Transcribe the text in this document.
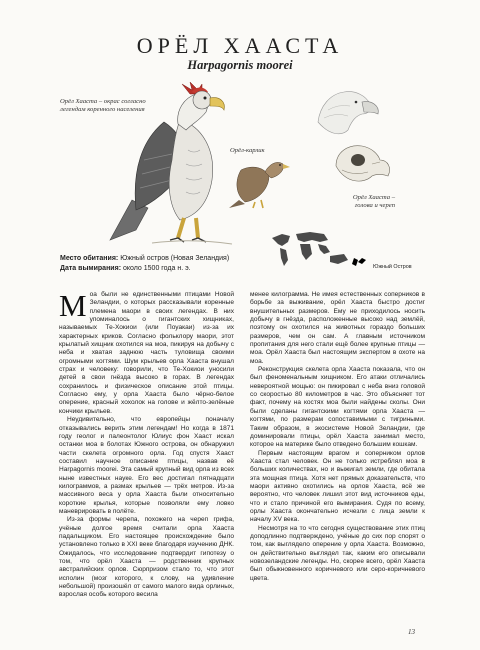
ОРЁЛ ХААСТА
Harpagornis moorei
Орёл Хааста – окрас согласно легендам коренного населения
Орёл-карлик
Орёл Хааста – голова и череп
Место обитания: Южный остров (Новая Зеландия)
Дата вымирания: около 1500 года н. э.	Южный Остров

Моа были не единственными птицами Новой Зеландии, о которых рассказывали коренные племена маори в своих легендах. В них упоминалось о гигантских хищниках, называемых Те-Хокиои (или Поуакаи) из-за их характерных криков. Согласно фольклору маори, этот крылатый хищник охотился на моа, пикируя на добычу с неба и хватая заднюю часть туловища своими огромными когтями. Шум крыльев орла Хааста внушал страх и человеку: говорили, что Те-Хокиои уносили детей в свои гнёзда высоко в горах. В легендах сохранилось и физическое описание этой птицы. Согласно ему, у орла Хааста было чёрно-белое оперение, красный хохолок на голове и жёлто-зелёные кончики крыльев.

Неудивительно, что европейцы поначалу отказывались верить этим легендам! Но когда в 1871 году геолог и палеонтолог Юлиус фон Хааст искал останки моа в болотах Южного острова, он обнаружил части скелета огромного орла. Год спустя Хааст составил научное описание птицы, назвав её Harpagornis moorei. Эта самый крупный вид орла из всех ныне известных науке. Его вес достигал пятнадцати килограммов, а размах крыльев — трёх метров. Из-за массивного веса у орла Хааста были относительно короткие крылья, которые позволяли ему ловко маневрировать в полёте.

Из-за формы черепа, похожего на череп грифа, учёные долгое время считали орла Хааста падальщиком. Его настоящее происхождение было установлено только в XXI веке благодаря изучению ДНК. Ожидалось, что исследование подтвердит гипотезу о том, что орёл Хааста — родственник крупных австралийских орлов. Сюрпризом стало то, что этот исполин (мозг которого, к слову, на удивление небольшой) произошёл от самого малого вида орлиных, взрослая особь которого весила

менее килограмма. Не имея естественных соперников в борьбе за выживание, орёл Хааста быстро достиг внушительных размеров. Ему не приходилось носить добычу в гнёзда, расположенные высоко над землёй, поэтому он охотился на животных гораздо больших размеров, чем он сам. А главным источником пропитания для него стали ещё более крупные птицы — моа. Орёл Хааста был настоящим экспертом в охоте на моа.

Реконструкция скелета орла Хааста показала, что он был феноменальным хищником. Его атаки отличались невероятной мощью: он пикировал с неба вниз головой со скоростью 80 километров в час. Это объясняет тот факт, почему на костях моа были найдены сколы. Они были сделаны гигантскими когтями орла Хааста — когтями, по размерам сопоставимыми с тигриными. Таким образом, в экосистеме Новой Зеландии, где доминировали птицы, орёл Хааста занимал место, которое на материке было отведено большим кошкам.

Первым настоящим врагом и соперником орлов Хааста стал человек. Он не только истреблял моа в больших количествах, но и выжигал земли, где обитала эта мощная птица. Хотя нет прямых доказательств, что маори активно охотились на орлов Хааста, всё же вероятно, что человек лишил этот вид источников еды, что и стало причиной его вымирания. Судя по всему, орлы Хааста окончательно исчезли с лица земли к началу XV века.

Несмотря на то что сегодня существование этих птиц доподлинно подтверждено, учёные до сих пор спорят о том, как выглядело оперение у орла Хааста. Возможно, он действительно выглядел так, каким его описывали новозеландские легенды. Но, скорее всего, орёл Хааста был обыкновенного коричневого или серо-коричневого цвета.

13
